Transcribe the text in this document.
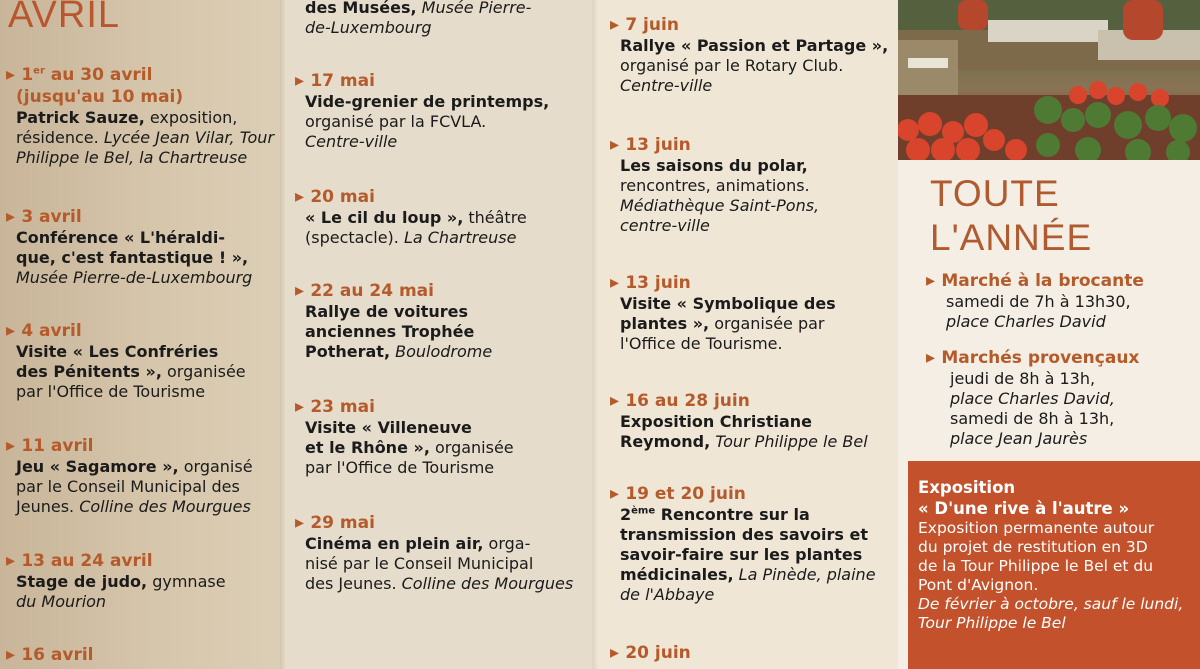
AVRIL
▸ 1er au 30 avril
(jusqu'au 10 mai)
Patrick Sauze, exposition,
résidence. Lycée Jean Vilar, Tour
Philippe le Bel, la Chartreuse
▸ 3 avril
Conférence « L'héraldi-
que, c'est fantastique ! »,
Musée Pierre-de-Luxembourg
▸ 4 avril
Visite « Les Confréries
des Pénitents », organisée
par l'Office de Tourisme
▸ 11 avril
Jeu « Sagamore », organisé
par le Conseil Municipal des
Jeunes. Colline des Mourgues
▸ 13 au 24 avril
Stage de judo, gymnase
du Mourion
▸ 16 avril
des Musées, Musée Pierre-
de-Luxembourg
▸ 17 mai
Vide-grenier de printemps,
organisé par la FCVLA.
Centre-ville
▸ 20 mai
« Le cil du loup », théâtre
(spectacle). La Chartreuse
▸ 22 au 24 mai
Rallye de voitures
anciennes Trophée
Potherat, Boulodrome
▸ 23 mai
Visite « Villeneuve
et le Rhône », organisée
par l'Office de Tourisme
▸ 29 mai
Cinéma en plein air, orga-
nisé par le Conseil Municipal
des Jeunes. Colline des Mourgues
▸ 7 juin
Rallye « Passion et Partage »,
organisé par le Rotary Club.
Centre-ville
▸ 13 juin
Les saisons du polar,
rencontres, animations.
Médiathèque Saint-Pons,
centre-ville
▸ 13 juin
Visite « Symbolique des
plantes », organisée par
l'Office de Tourisme.
▸ 16 au 28 juin
Exposition Christiane
Reymond, Tour Philippe le Bel
▸ 19 et 20 juin
2ème Rencontre sur la
transmission des savoirs et
savoir-faire sur les plantes
médicinales, La Pinède, plaine
de l'Abbaye
▸ 20 juin
TOUTE
L'ANNÉE
▸ Marché à la brocante
samedi de 7h à 13h30,
place Charles David
▸ Marchés provençaux
jeudi de 8h à 13h,
place Charles David,
samedi de 8h à 13h,
place Jean Jaurès
Exposition
« D'une rive à l'autre »
Exposition permanente autour
du projet de restitution en 3D
de la Tour Philippe le Bel et du
Pont d'Avignon.
De février à octobre, sauf le lundi,
Tour Philippe le Bel
